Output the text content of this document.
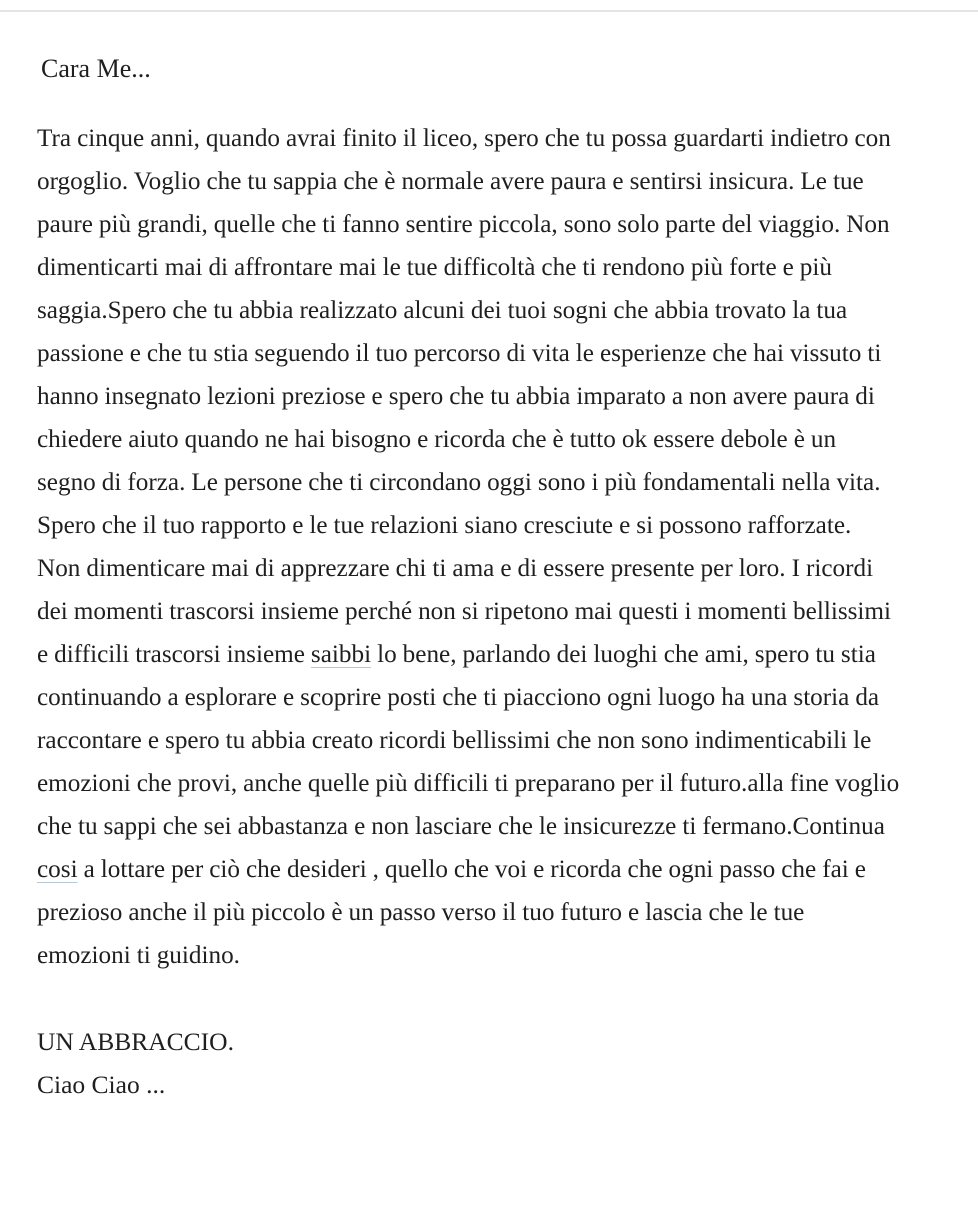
Cara Me...

Tra cinque anni, quando avrai finito il liceo, spero che tu possa guardarti indietro con
orgoglio. Voglio che tu sappia che è normale avere paura e sentirsi insicura. Le tue
paure più grandi, quelle che ti fanno sentire piccola, sono solo parte del viaggio. Non
dimenticarti mai di affrontare mai le tue difficoltà che ti rendono più forte e più
saggia.Spero che tu abbia realizzato alcuni dei tuoi sogni che abbia trovato la tua
passione e che tu stia seguendo il tuo percorso di vita le esperienze che hai vissuto ti
hanno insegnato lezioni preziose e spero che tu abbia imparato a non avere paura di
chiedere aiuto quando ne hai bisogno e ricorda che è tutto ok essere debole è un
segno di forza. Le persone che ti circondano oggi sono i più fondamentali nella vita.
Spero che il tuo rapporto e le tue relazioni siano cresciute e si possono rafforzate.
Non dimenticare mai di apprezzare chi ti ama e di essere presente per loro. I ricordi
dei momenti trascorsi insieme perché non si ripetono mai questi i momenti bellissimi
e difficili trascorsi insieme saibbi lo bene, parlando dei luoghi che ami, spero tu stia
continuando a esplorare e scoprire posti che ti piacciono ogni luogo ha una storia da
raccontare e spero tu abbia creato ricordi bellissimi che non sono indimenticabili le
emozioni che provi, anche quelle più difficili ti preparano per il futuro.alla fine voglio
che tu sappi che sei abbastanza e non lasciare che le insicurezze ti fermano.Continua
cosi a lottare per ciò che desideri , quello che voi e ricorda che ogni passo che fai e
prezioso anche il più piccolo è un passo verso il tuo futuro e lascia che le tue
emozioni ti guidino.

UN ABBRACCIO.
Ciao Ciao ...
